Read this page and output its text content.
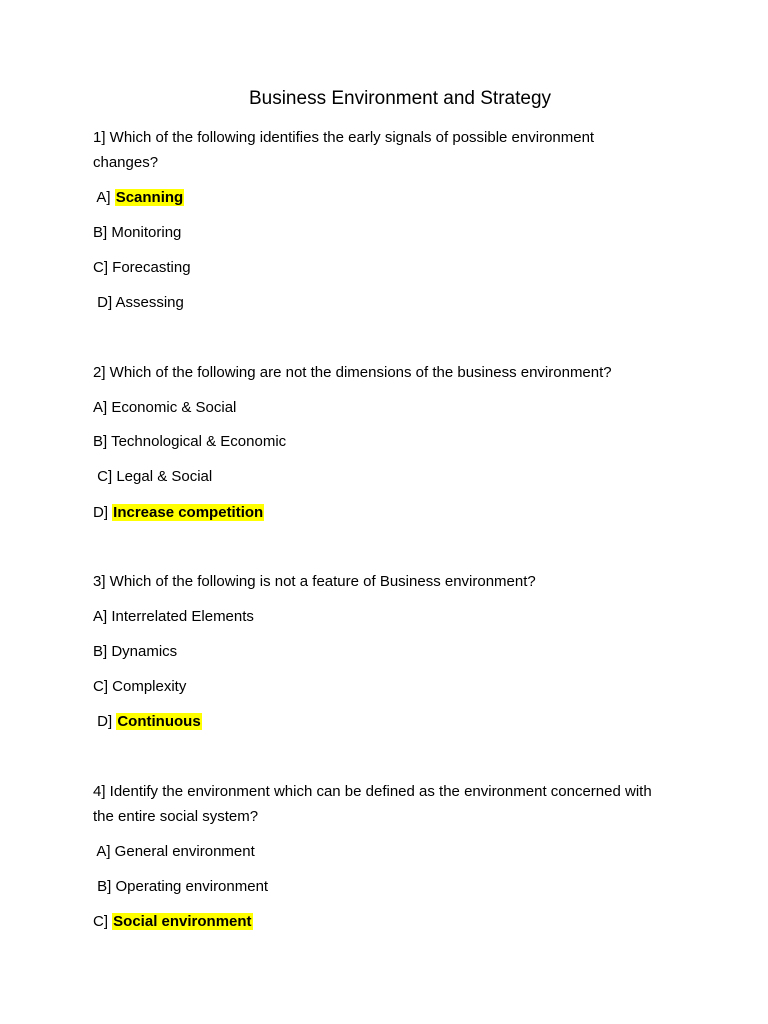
Business Environment and Strategy

1] Which of the following identifies the early signals of possible environment

changes?

A] Scanning

B] Monitoring

C] Forecasting

D] Assessing

2] Which of the following are not the dimensions of the business environment?

A] Economic & Social

B] Technological & Economic

C] Legal & Social

D] Increase competition

3] Which of the following is not a feature of Business environment?

A] Interrelated Elements

B] Dynamics

C] Complexity

D] Continuous

4] Identify the environment which can be defined as the environment concerned with

the entire social system?

A] General environment

B] Operating environment

C] Social environment
